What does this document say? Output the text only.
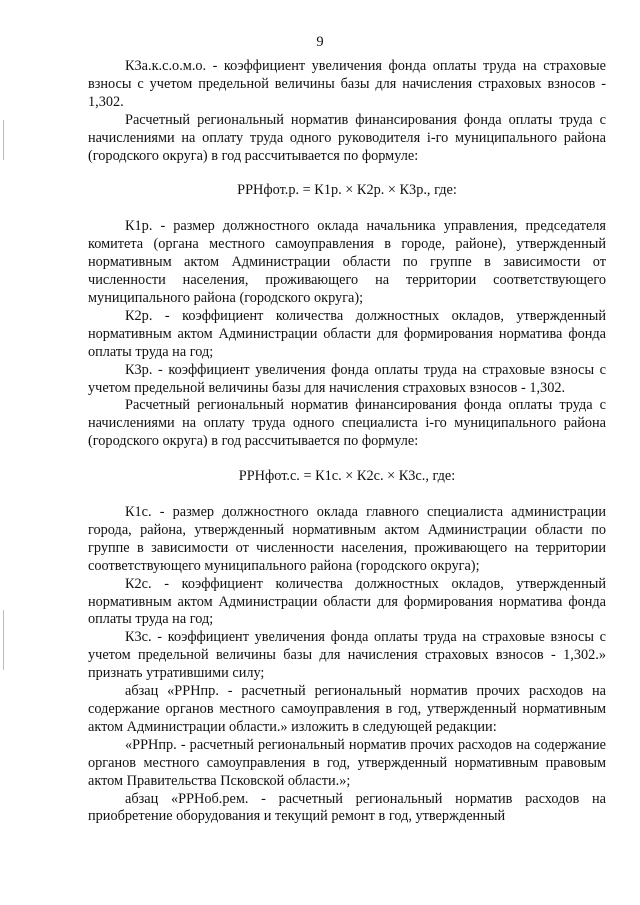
9

К3а.к.с.о.м.о. - коэффициент увеличения фонда оплаты труда на страховые взносы с учетом предельной величины базы для начисления страховых взносов - 1,302.

Расчетный региональный норматив финансирования фонда оплаты труда с начислениями на оплату труда одного руководителя i-го муниципального района (городского округа) в год рассчитывается по формуле:

РРНфот.р. = К1р. × К2р. × К3р., где:

К1р. - размер должностного оклада начальника управления, председателя комитета (органа местного самоуправления в городе, районе), утвержденный нормативным актом Администрации области по группе в зависимости от численности населения, проживающего на территории соответствующего муниципального района (городского округа);

К2р. - коэффициент количества должностных окладов, утвержденный нормативным актом Администрации области для формирования норматива фонда оплаты труда на год;

К3р. - коэффициент увеличения фонда оплаты труда на страховые взносы с учетом предельной величины базы для начисления страховых взносов - 1,302.

Расчетный региональный норматив финансирования фонда оплаты труда с начислениями на оплату труда одного специалиста i-го муниципального района (городского округа) в год рассчитывается по формуле:

РРНфот.с. = К1с. × К2с. × К3с., где:

К1с. - размер должностного оклада главного специалиста администрации города, района, утвержденный нормативным актом Администрации области по группе в зависимости от численности населения, проживающего на территории соответствующего муниципального района (городского округа);

К2с. - коэффициент количества должностных окладов, утвержденный нормативным актом Администрации области для формирования норматива фонда оплаты труда на год;

К3с. - коэффициент увеличения фонда оплаты труда на страховые взносы с учетом предельной величины базы для начисления страховых взносов - 1,302.» признать утратившими силу;

абзац «РРНпр. - расчетный региональный норматив прочих расходов на содержание органов местного самоуправления в год, утвержденный нормативным актом Администрации области.» изложить в следующей редакции:

«РРНпр. - расчетный региональный норматив прочих расходов на содержание органов местного самоуправления в год, утвержденный нормативным правовым актом Правительства Псковской области.»;

абзац «РРНоб.рем. - расчетный региональный норматив расходов на приобретение оборудования и текущий ремонт в год, утвержденный
